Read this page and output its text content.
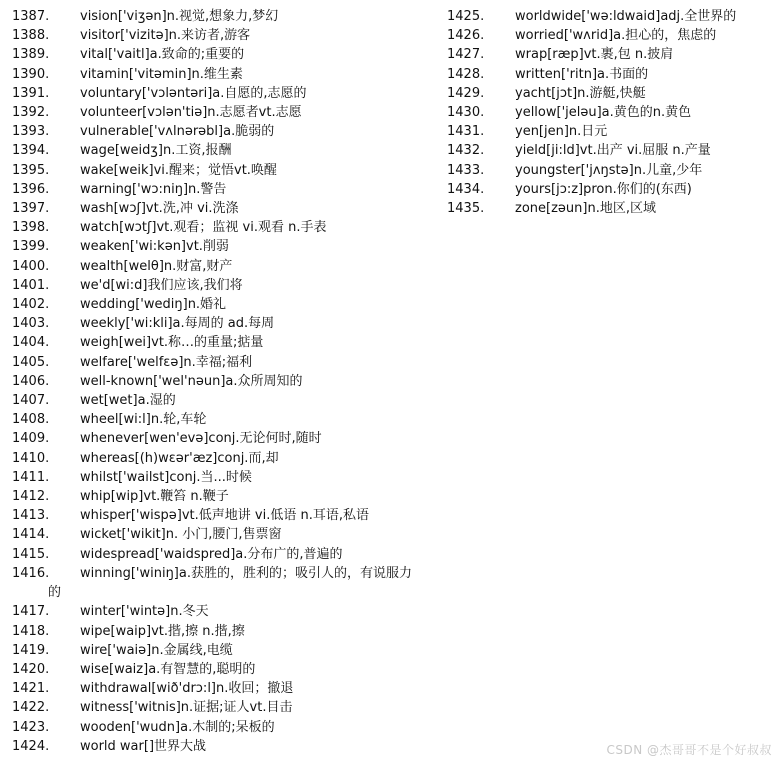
1387.	vision['viʒən]n.视觉,想象力,梦幻
1388.	visitor['vizitə]n.来访者,游客
1389.	vital['vaitl]a.致命的;重要的
1390.	vitamin['vitəmin]n.维生素
1391.	voluntary['vɔləntəri]a.自愿的,志愿的
1392.	volunteer[vɔlən'tiə]n.志愿者vt.志愿
1393.	vulnerable['vʌlnərəbl]a.脆弱的
1394.	wage[weidʒ]n.工资,报酬
1395.	wake[weik]vi.醒来；觉悟vt.唤醒
1396.	warning['wɔ:niŋ]n.警告
1397.	wash[wɔʃ]vt.洗,冲 vi.洗涤
1398.	watch[wɔtʃ]vt.观看；监视 vi.观看 n.手表
1399.	weaken['wi:kən]vt.削弱
1400.	wealth[welθ]n.财富,财产
1401.	we'd[wi:d]我们应该,我们将
1402.	wedding['wediŋ]n.婚礼
1403.	weekly['wi:kli]a.每周的 ad.每周
1404.	weigh[wei]vt.称…的重量;掂量
1405.	welfare['welfɛə]n.幸福;福利
1406.	well-known['wel'nəun]a.众所周知的
1407.	wet[wet]a.湿的
1408.	wheel[wi:l]n.轮,车轮
1409.	whenever[wen'evə]conj.无论何时,随时
1410.	whereas[(h)wɛər'æz]conj.而,却
1411.	whilst['wailst]conj.当...时候
1412.	whip[wip]vt.鞭笞 n.鞭子
1413.	whisper['wispə]vt.低声地讲 vi.低语 n.耳语,私语
1414.	wicket['wikit]n. 小门,腰门,售票窗
1415.	widespread['waidspred]a.分布广的,普遍的
1416.	winning['winiŋ]a.获胜的，胜利的；吸引人的，有说服力的
1417.	winter['wintə]n.冬天
1418.	wipe[waip]vt.揩,擦 n.揩,擦
1419.	wire['waiə]n.金属线,电缆
1420.	wise[waiz]a.有智慧的,聪明的
1421.	withdrawal[wið'drɔ:l]n.收回；撤退
1422.	witness['witnis]n.证据;证人vt.目击
1423.	wooden['wudn]a.木制的;呆板的
1424.	world war[]世界大战
1425.	worldwide['wə:ldwaid]adj.全世界的
1426.	worried['wʌrid]a.担心的，焦虑的
1427.	wrap[ræp]vt.裹,包 n.披肩
1428.	written['ritn]a.书面的
1429.	yacht[jɔt]n.游艇,快艇
1430.	yellow['jeləu]a.黄色的n.黄色
1431.	yen[jen]n.日元
1432.	yield[ji:ld]vt.出产 vi.屈服 n.产量
1433.	youngster['jʌŋstə]n.儿童,少年
1434.	yours[jɔ:z]pron.你们的(东西)
1435.	zone[zəun]n.地区,区域
CSDN @杰哥哥不是个好叔叔
